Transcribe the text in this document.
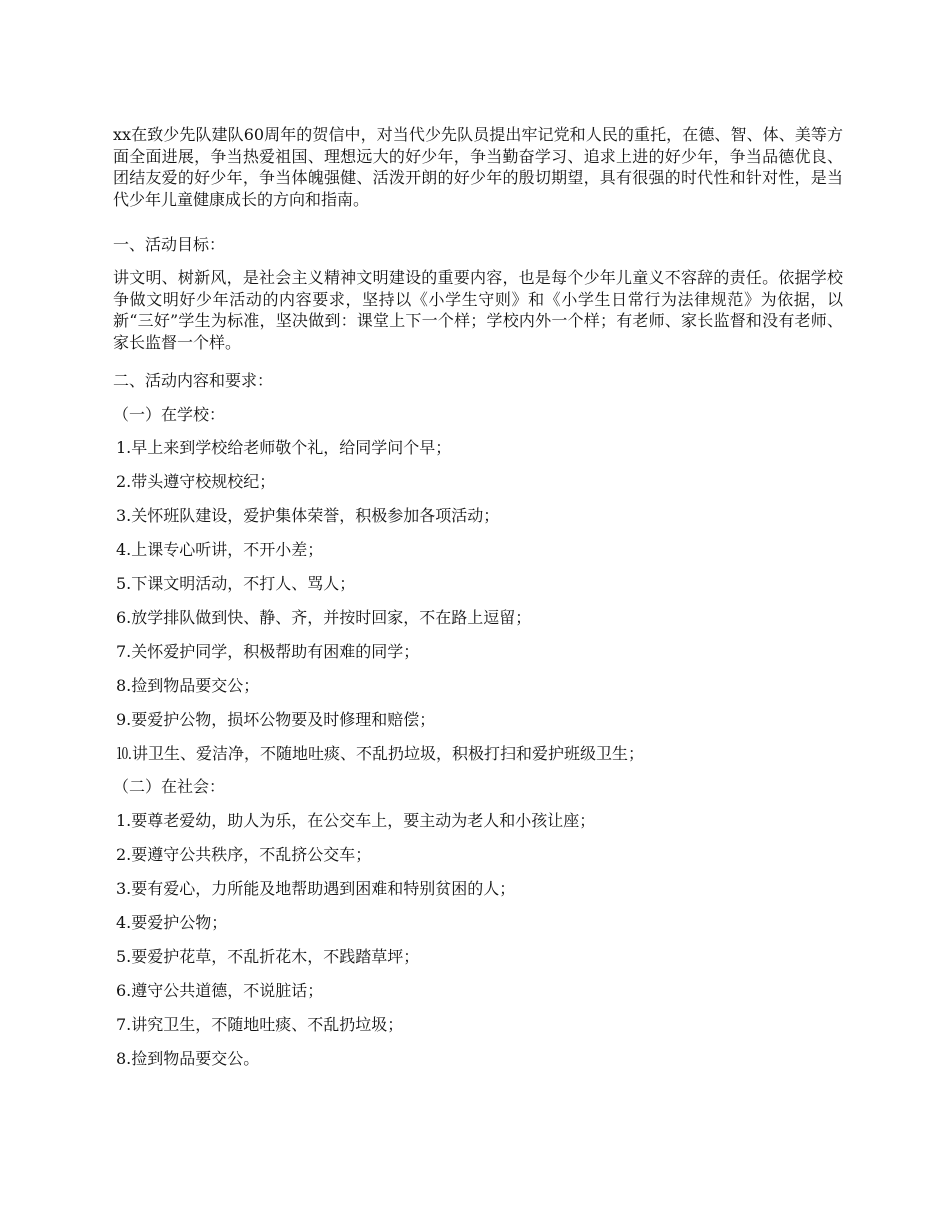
xx在致少先队建队60周年的贺信中，对当代少先队员提出牢记党和人民的重托，在德、智、体、美等方面全面进展，争当热爱祖国、理想远大的好少年，争当勤奋学习、追求上进的好少年，争当品德优良、团结友爱的好少年，争当体魄强健、活泼开朗的好少年的殷切期望，具有很强的时代性和针对性，是当代少年儿童健康成长的方向和指南。

一、活动目标：

讲文明、树新风，是社会主义精神文明建设的重要内容，也是每个少年儿童义不容辞的责任。依据学校争做文明好少年活动的内容要求，坚持以《小学生守则》和《小学生日常行为法律规范》为依据，以新“三好”学生为标准，坚决做到：课堂上下一个样；学校内外一个样；有老师、家长监督和没有老师、家长监督一个样。

二、活动内容和要求：

（一）在学校：

1.早上来到学校给老师敬个礼，给同学问个早；

2.带头遵守校规校纪；

3.关怀班队建设，爱护集体荣誉，积极参加各项活动；

4.上课专心听讲，不开小差；

5.下课文明活动，不打人、骂人；

6.放学排队做到快、静、齐，并按时回家，不在路上逗留；

7.关怀爱护同学，积极帮助有困难的同学；

8.捡到物品要交公；

9.要爱护公物，损坏公物要及时修理和赔偿；

⒑讲卫生、爱洁净，不随地吐痰、不乱扔垃圾，积极打扫和爱护班级卫生；

（二）在社会：

1.要尊老爱幼，助人为乐，在公交车上，要主动为老人和小孩让座；

2.要遵守公共秩序，不乱挤公交车；

3.要有爱心，力所能及地帮助遇到困难和特别贫困的人；

4.要爱护公物；

5.要爱护花草，不乱折花木，不践踏草坪；

6.遵守公共道德，不说脏话；

7.讲究卫生，不随地吐痰、不乱扔垃圾；

8.捡到物品要交公。
